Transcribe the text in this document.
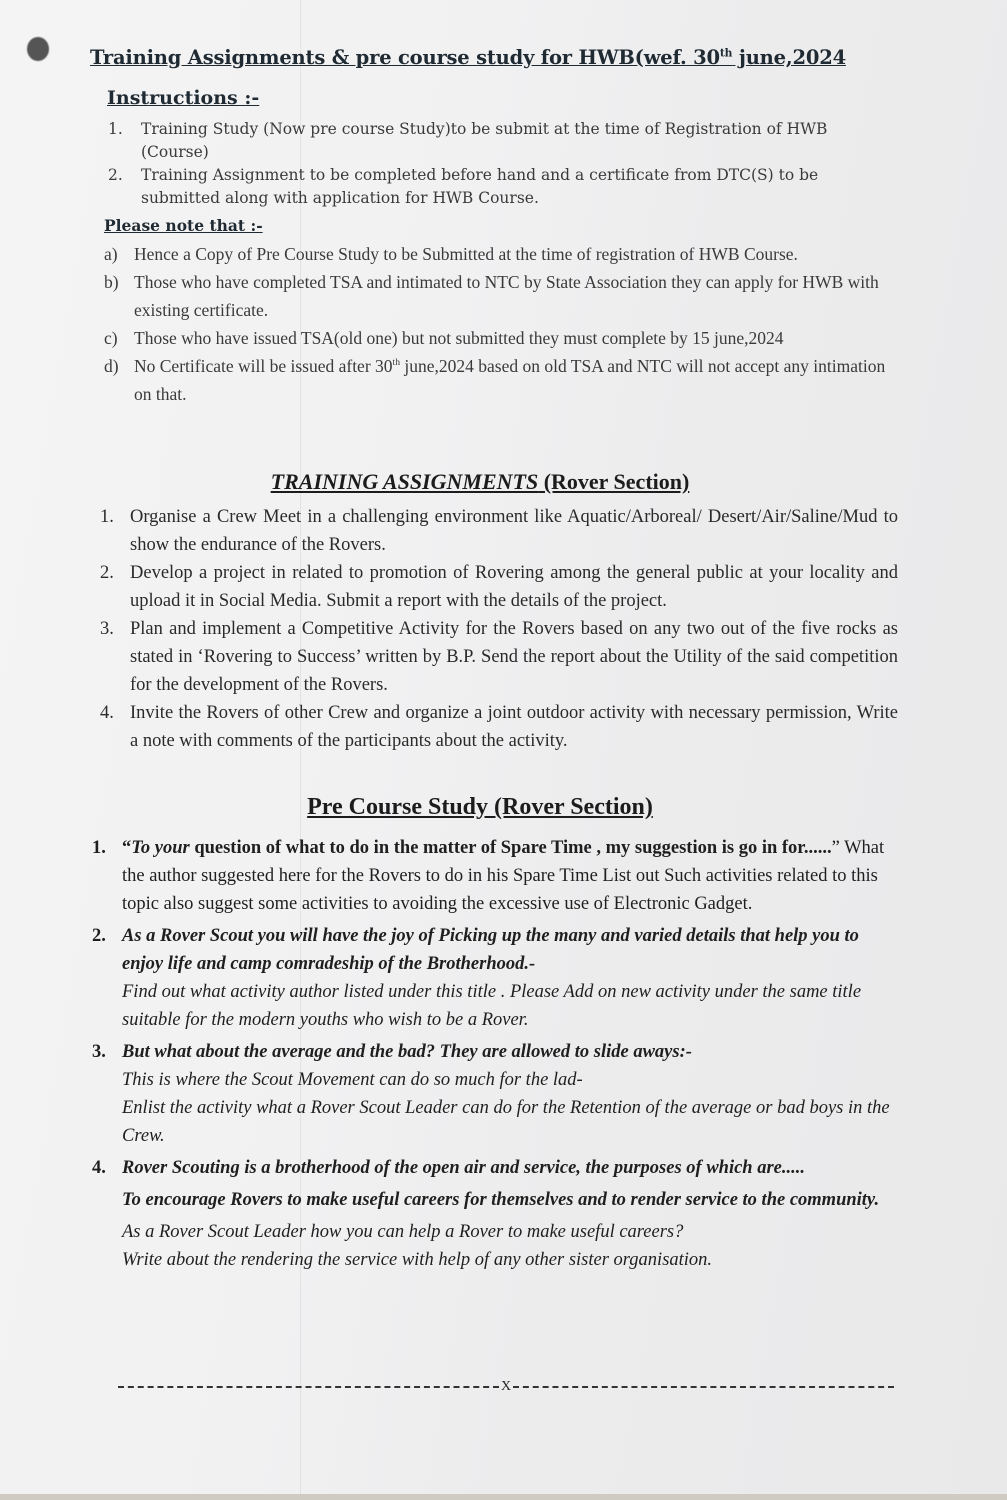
Training Assignments & pre course study for HWB(wef. 30th june,2024
Instructions :-
1. Training Study (Now pre course Study)to be submit at the time of Registration of HWB (Course)
2. Training Assignment to be completed before hand and a certificate from DTC(S) to be submitted along with application for HWB Course.
Please note that :-
a) Hence a Copy of Pre Course Study to be Submitted at the time of registration of HWB Course.
b) Those who have completed TSA and intimated to NTC by State Association they can apply for HWB with existing certificate.
c) Those who have issued TSA(old one) but not submitted they must complete by 15 june,2024
d) No Certificate will be issued after 30th june,2024 based on old TSA and NTC will not accept any intimation on that.
TRAINING ASSIGNMENTS (Rover Section)
1. Organise a Crew Meet in a challenging environment like Aquatic/Arboreal/ Desert/Air/Saline/Mud to show the endurance of the Rovers.
2. Develop a project in related to promotion of Rovering among the general public at your locality and upload it in Social Media. Submit a report with the details of the project.
3. Plan and implement a Competitive Activity for the Rovers based on any two out of the five rocks as stated in ‘Rovering to Success’ written by B.P. Send the report about the Utility of the said competition for the development of the Rovers.
4. Invite the Rovers of other Crew and organize a joint outdoor activity with necessary permission, Write a note with comments of the participants about the activity.
Pre Course Study (Rover Section)
1. “To your question of what to do in the matter of Spare Time , my suggestion is go in for......” What the author suggested here for the Rovers to do in his Spare Time List out Such activities related to this topic also suggest some activities to avoiding the excessive use of Electronic Gadget.
2. As a Rover Scout you will have the joy of Picking up the many and varied details that help you to enjoy life and camp comradeship of the Brotherhood.-
Find out what activity author listed under this title . Please Add on new activity under the same title suitable for the modern youths who wish to be a Rover.
3. But what about the average and the bad? They are allowed to slide aways:-
This is where the Scout Movement can do so much for the lad-
Enlist the activity what a Rover Scout Leader can do for the Retention of the average or bad boys in the Crew.
4. Rover Scouting is a brotherhood of the open air and service, the purposes of which are.....
To encourage Rovers to make useful careers for themselves and to render service to the community.
As a Rover Scout Leader how you can help a Rover to make useful careers?
Write about the rendering the service with help of any other sister organisation.
X
